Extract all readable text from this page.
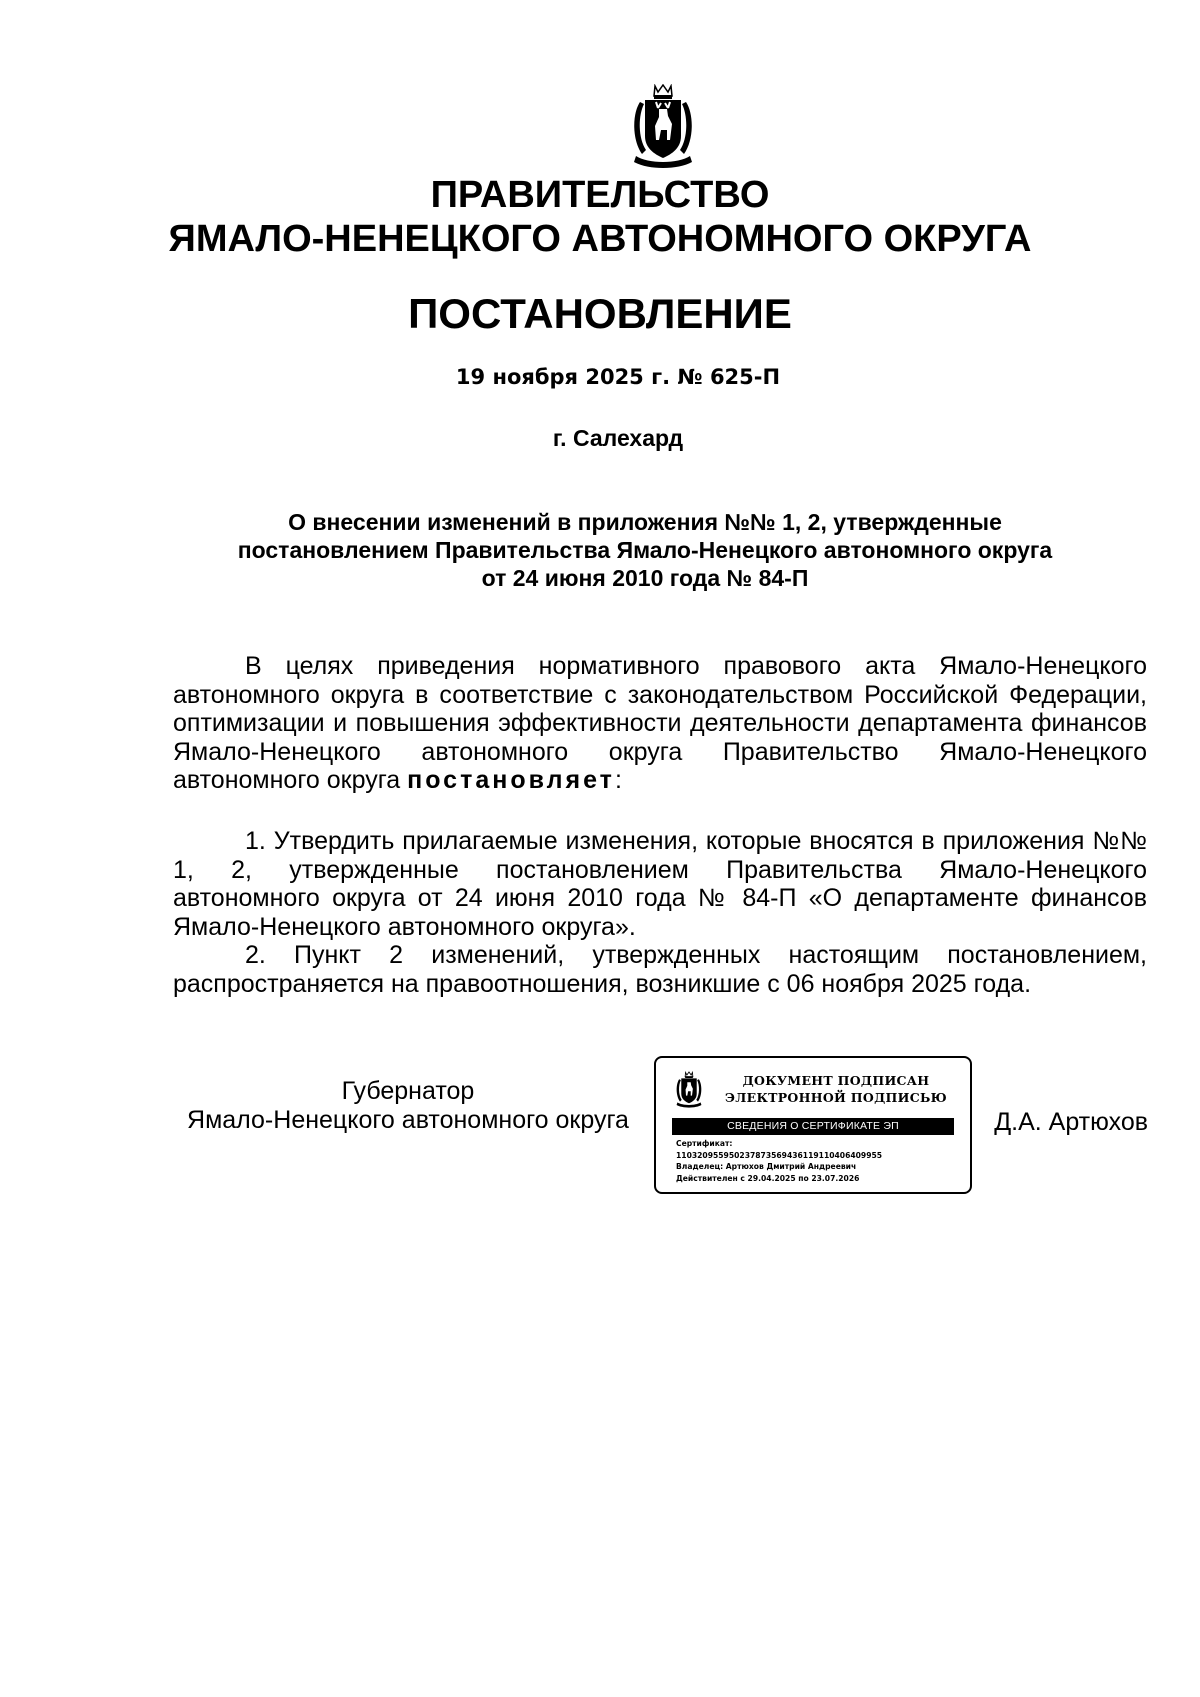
ПРАВИТЕЛЬСТВО
ЯМАЛО-НЕНЕЦКОГО АВТОНОМНОГО ОКРУГА
ПОСТАНОВЛЕНИЕ
19 ноября 2025 г. № 625-П
г. Салехард
О внесении изменений в приложения №№ 1, 2, утвержденные
постановлением Правительства Ямало-Ненецкого автономного округа
от 24 июня 2010 года № 84-П

В целях приведения нормативного правового акта Ямало-Ненецкого автономного округа в соответствие с законодательством Российской Федерации, оптимизации и повышения эффективности деятельности департамента финансов Ямало-Ненецкого автономного округа Правительство Ямало-Ненецкого автономного округа постановляет:

1. Утвердить прилагаемые изменения, которые вносятся в приложения №№ 1, 2, утвержденные постановлением Правительства Ямало-Ненецкого автономного округа от 24 июня 2010 года № 84-П «О департаменте финансов Ямало-Ненецкого автономного округа».

2. Пункт 2 изменений, утвержденных настоящим постановлением, распространяется на правоотношения, возникшие с 06 ноября 2025 года.

Губернатор
Ямало-Ненецкого автономного округа
ДОКУМЕНТ ПОДПИСАН
ЭЛЕКТРОННОЙ ПОДПИСЬЮ
СВЕДЕНИЯ О СЕРТИФИКАТЕ ЭП
Сертификат:
110320955950237873569436119110406409955
Владелец: Артюхов Дмитрий Андреевич
Действителен с 29.04.2025 по 23.07.2026
Д.А. Артюхов
